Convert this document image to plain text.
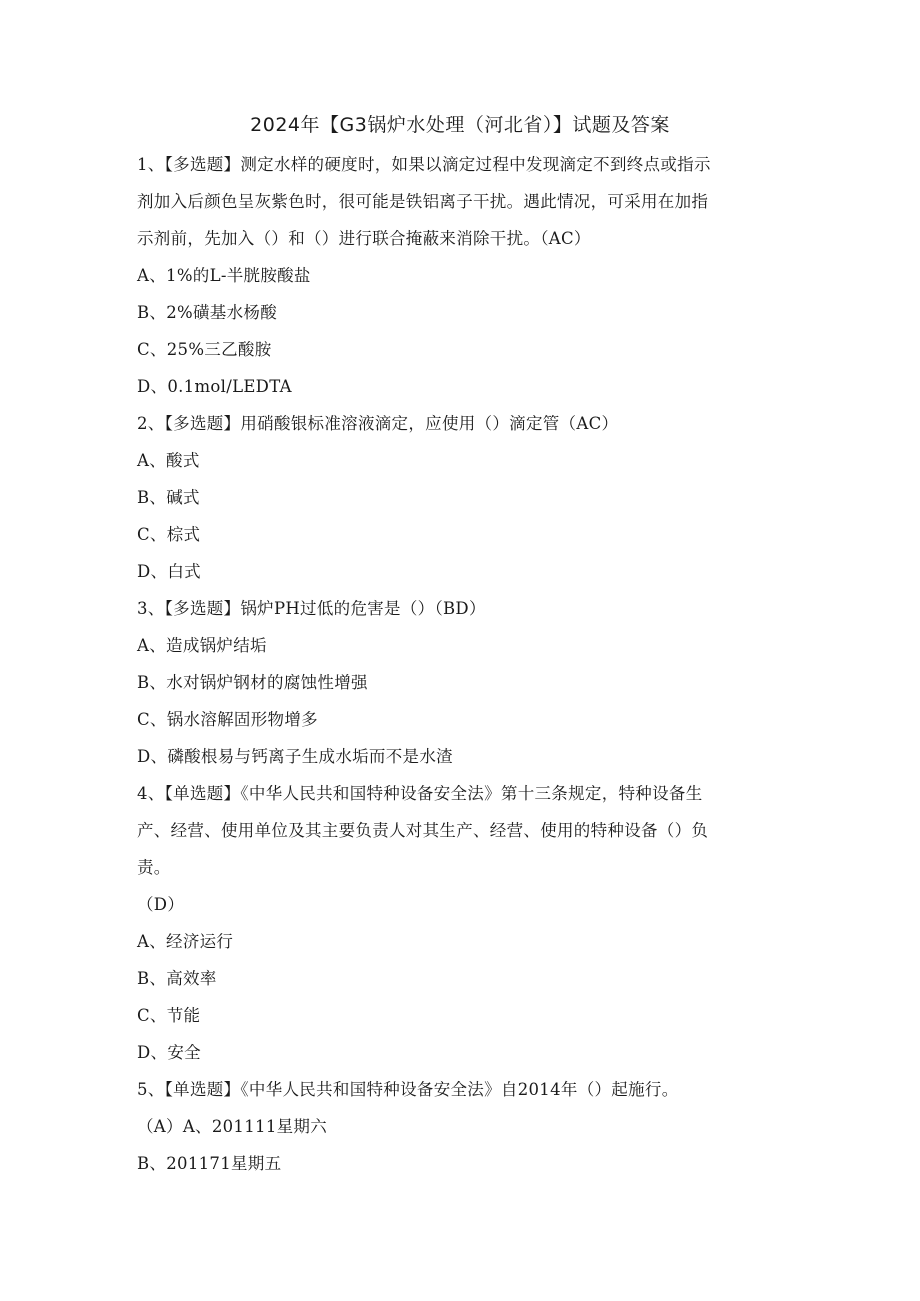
2024年【G3锅炉水处理（河北省）】试题及答案
1、【多选题】测定水样的硬度时，如果以滴定过程中发现滴定不到终点或指示
剂加入后颜色呈灰紫色时，很可能是铁铝离子干扰。遇此情况，可采用在加指
示剂前，先加入（）和（）进行联合掩蔽来消除干扰。（AC）
A、1%的L-半胱胺酸盐
B、2%磺基水杨酸
C、25%三乙酸胺
D、0.1mol/LEDTA
2、【多选题】用硝酸银标准溶液滴定，应使用（）滴定管（AC）
A、酸式
B、碱式
C、棕式
D、白式
3、【多选题】锅炉PH过低的危害是（）（BD）
A、造成锅炉结垢
B、水对锅炉钢材的腐蚀性增强
C、锅水溶解固形物增多
D、磷酸根易与钙离子生成水垢而不是水渣
4、【单选题】《中华人民共和国特种设备安全法》第十三条规定，特种设备生
产、经营、使用单位及其主要负责人对其生产、经营、使用的特种设备（）负
责。
（D）
A、经济运行
B、高效率
C、节能
D、安全
5、【单选题】《中华人民共和国特种设备安全法》自2014年（）起施行。
（A）A、201111星期六
B、201171星期五
